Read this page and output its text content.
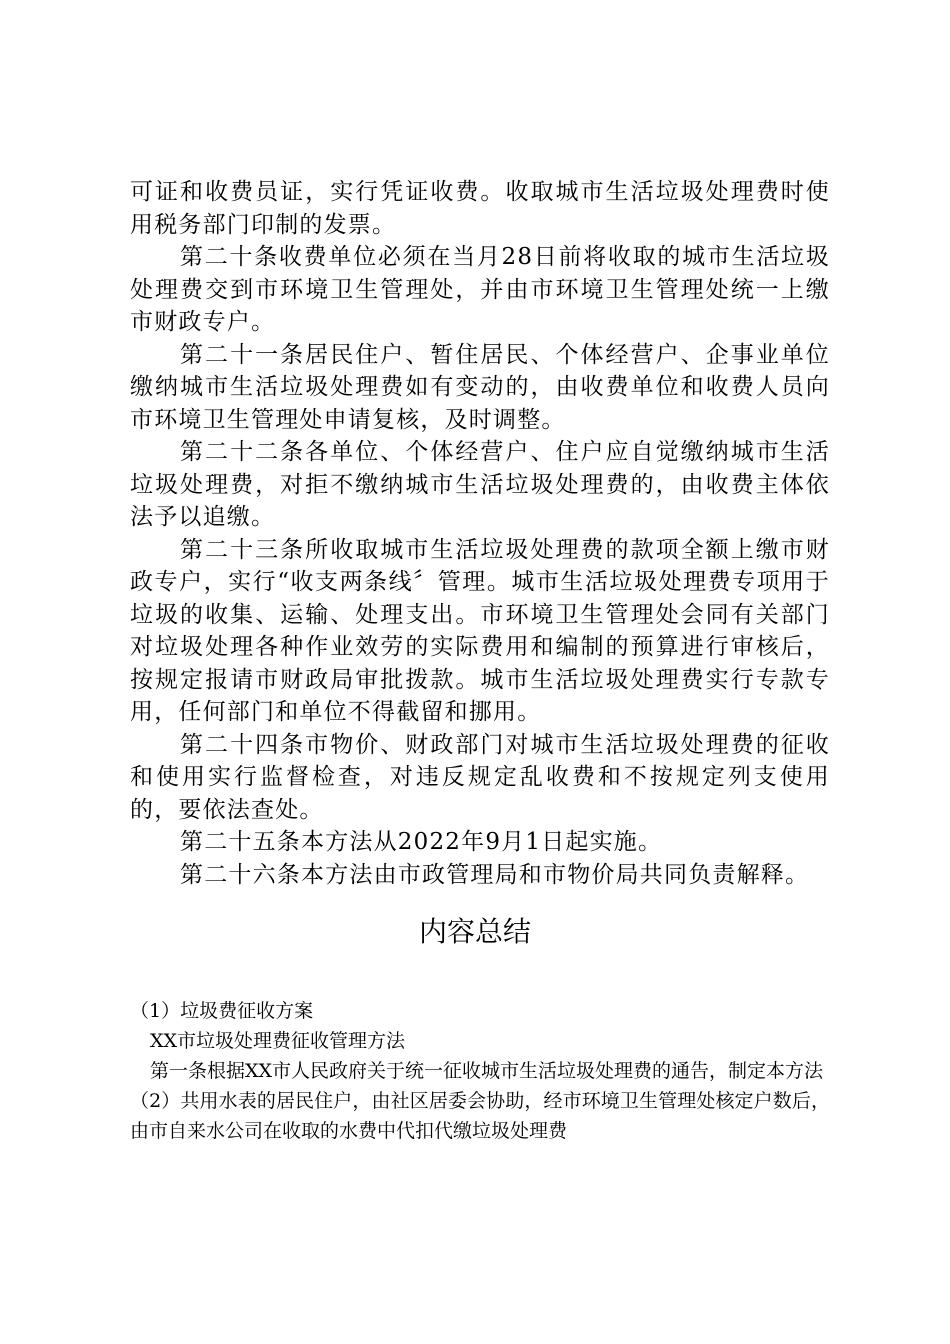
可证和收费员证，实行凭证收费。收取城市生活垃圾处理费时使用税务部门印制的发票。

第二十条收费单位必须在当月28日前将收取的城市生活垃圾处理费交到市环境卫生管理处，并由市环境卫生管理处统一上缴市财政专户。

第二十一条居民住户、暂住居民、个体经营户、企事业单位缴纳城市生活垃圾处理费如有变动的，由收费单位和收费人员向市环境卫生管理处申请复核，及时调整。

第二十二条各单位、个体经营户、住户应自觉缴纳城市生活垃圾处理费，对拒不缴纳城市生活垃圾处理费的，由收费主体依法予以追缴。

第二十三条所收取城市生活垃圾处理费的款项全额上缴市财政专户，实行“收支两条线〞管理。城市生活垃圾处理费专项用于垃圾的收集、运输、处理支出。市环境卫生管理处会同有关部门对垃圾处理各种作业效劳的实际费用和编制的预算进行审核后，按规定报请市财政局审批拨款。城市生活垃圾处理费实行专款专用，任何部门和单位不得截留和挪用。

第二十四条市物价、财政部门对城市生活垃圾处理费的征收和使用实行监督检查，对违反规定乱收费和不按规定列支使用的，要依法查处。

第二十五条本方法从2022年9月1日起实施。

第二十六条本方法由市政管理局和市物价局共同负责解释。

内容总结

（1）垃圾费征收方案

XX市垃圾处理费征收管理方法

第一条根据XX市人民政府关于统一征收城市生活垃圾处理费的通告，制定本方法

（2）共用水表的居民住户，由社区居委会协助，经市环境卫生管理处核定户数后，由市自来水公司在收取的水费中代扣代缴垃圾处理费
